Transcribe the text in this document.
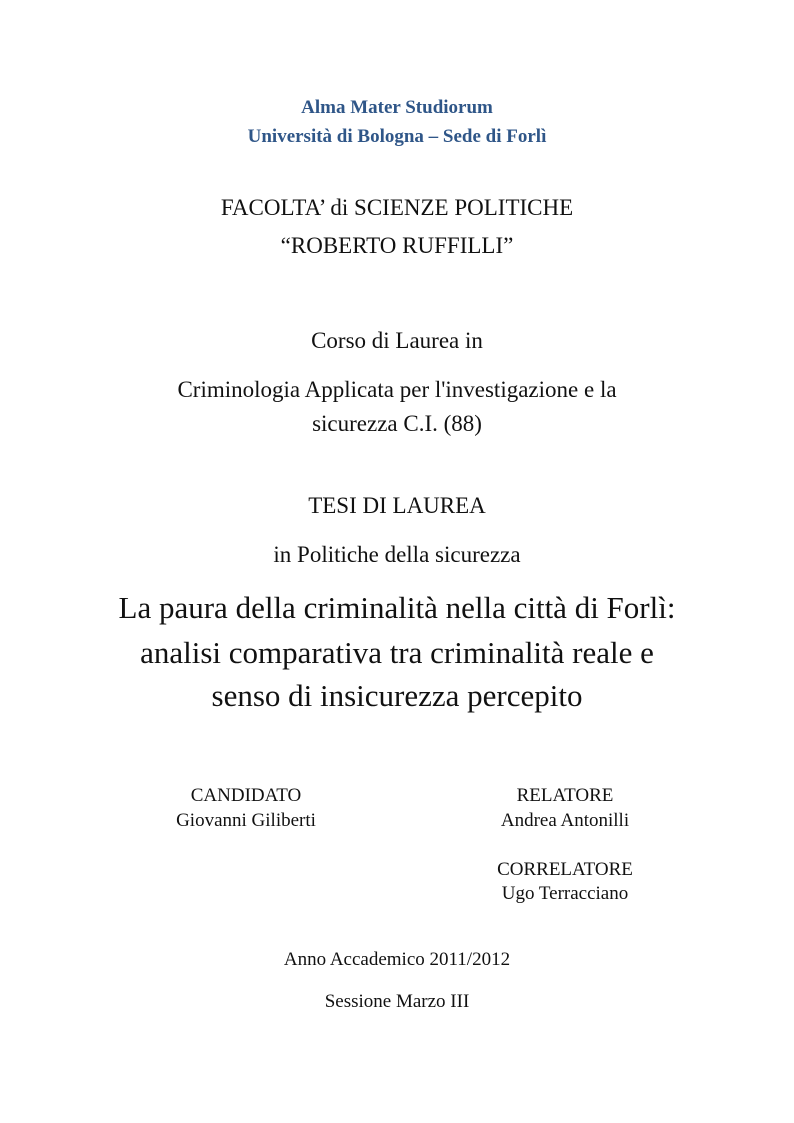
Alma Mater Studiorum
Università di Bologna – Sede di Forlì
FACOLTA’ di SCIENZE POLITICHE
“ROBERTO RUFFILLI”
Corso di Laurea in
Criminologia Applicata per l'investigazione e la
sicurezza C.I. (88)
TESI DI LAUREA
in Politiche della sicurezza
La paura della criminalità nella città di Forlì:
analisi comparativa tra criminalità reale e
senso di insicurezza percepito
CANDIDATO
Giovanni Giliberti
RELATORE
Andrea Antonilli
CORRELATORE
Ugo Terracciano
Anno Accademico 2011/2012
Sessione Marzo III
